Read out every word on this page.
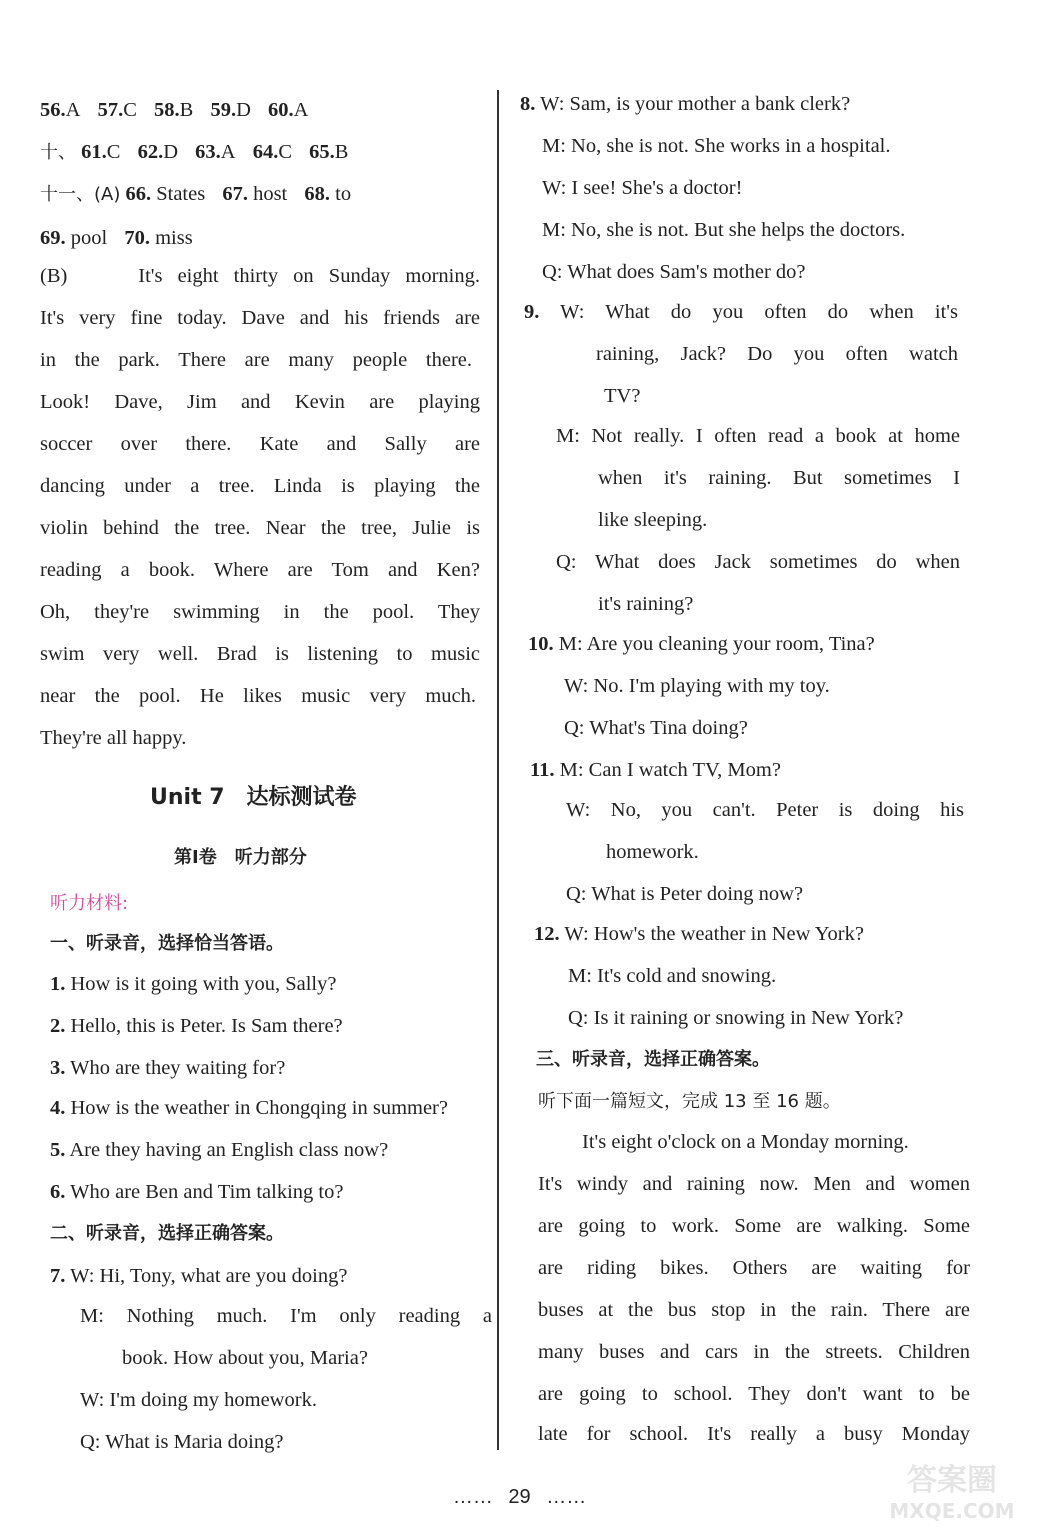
56.A 57.C 58.B 59.D 60.A
十、 61.C 62.D 63.A 64.C 65.B
十一、(A) 66. States 67. host 68. to
69. pool 70. miss
(B)　　It's eight thirty on Sunday morning.
It's very fine today. Dave and his friends are
in the park. There are many people there.
Look! Dave, Jim and Kevin are playing
soccer over there. Kate and Sally are
dancing under a tree. Linda is playing the
violin behind the tree. Near the tree, Julie is
reading a book. Where are Tom and Ken?
Oh, they're swimming in the pool. They
swim very well. Brad is listening to music
near the pool. He likes music very much.
They're all happy.
Unit 7　达标测试卷
第Ⅰ卷　听力部分
听力材料:
一、听录音，选择恰当答语。
1. How is it going with you, Sally?
2. Hello, this is Peter. Is Sam there?
3. Who are they waiting for?
4. How is the weather in Chongqing in summer?
5. Are they having an English class now?
6. Who are Ben and Tim talking to?
二、听录音，选择正确答案。
7. W: Hi, Tony, what are you doing?
M: Nothing much. I'm only reading a
book. How about you, Maria?
W: I'm doing my homework.
Q: What is Maria doing?
8. W: Sam, is your mother a bank clerk?
M: No, she is not. She works in a hospital.
W: I see! She's a doctor!
M: No, she is not. But she helps the doctors.
Q: What does Sam's mother do?
9. W: What do you often do when it's
raining, Jack? Do you often watch
TV?
M: Not really. I often read a book at home
when it's raining. But sometimes I
like sleeping.
Q: What does Jack sometimes do when
it's raining?
10. M: Are you cleaning your room, Tina?
W: No. I'm playing with my toy.
Q: What's Tina doing?
11. M: Can I watch TV, Mom?
W: No, you can't. Peter is doing his
homework.
Q: What is Peter doing now?
12. W: How's the weather in New York?
M: It's cold and snowing.
Q: Is it raining or snowing in New York?
三、听录音，选择正确答案。
听下面一篇短文，完成 13 至 16 题。
It's eight o'clock on a Monday morning.
It's windy and raining now. Men and women
are going to work. Some are walking. Some
are riding bikes. Others are waiting for
buses at the bus stop in the rain. There are
many buses and cars in the streets. Children
are going to school. They don't want to be
late for school. It's really a busy Monday
…… 29 ……	答案圈
MXQE.COM
